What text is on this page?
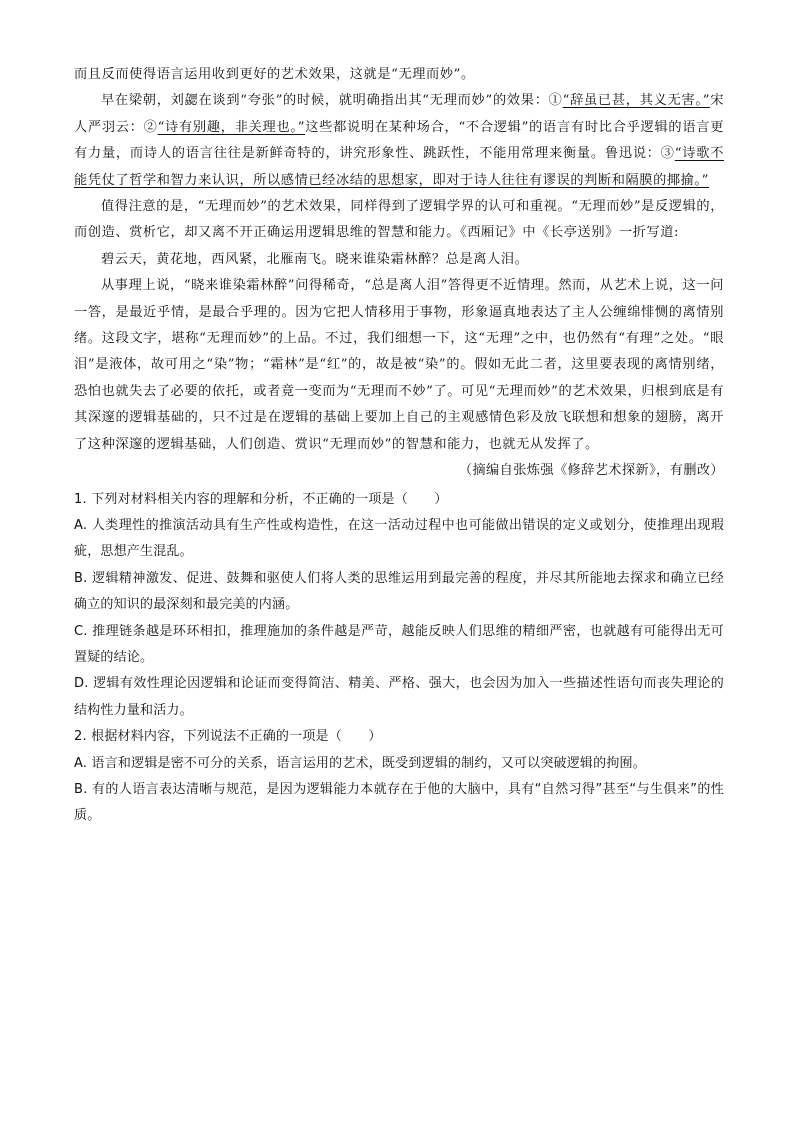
而且反而使得语言运用收到更好的艺术效果，这就是“无理而妙”。

早在梁朝，刘勰在谈到“夸张”的时候，就明确指出其“无理而妙”的效果：①“辞虽已甚，其义无害。”宋人严羽云：②“诗有别趣，非关理也。”这些都说明在某种场合，“不合逻辑”的语言有时比合乎逻辑的语言更有力量，而诗人的语言往往是新鲜奇特的，讲究形象性、跳跃性，不能用常理来衡量。鲁迅说：③“诗歌不能凭仗了哲学和智力来认识，所以感情已经冰结的思想家，即对于诗人往往有谬误的判断和隔膜的揶揄。”

值得注意的是，“无理而妙”的艺术效果，同样得到了逻辑学界的认可和重视。“无理而妙”是反逻辑的，而创造、赏析它，却又离不开正确运用逻辑思维的智慧和能力。《西厢记》中《长亭送别》一折写道:

碧云天，黄花地，西风紧，北雁南飞。晓来谁染霜林醉？总是离人泪。

从事理上说，“晓来谁染霜林醉”问得稀奇，“总是离人泪”答得更不近情理。然而，从艺术上说，这一问一答，是最近乎情，是最合乎理的。因为它把人情移用于事物，形象逼真地表达了主人公缠绵悱恻的离情别绪。这段文字，堪称“无理而妙”的上品。不过，我们细想一下，这“无理”之中，也仍然有“有理”之处。“眼泪”是液体，故可用之“染”物；“霜林”是“红”的，故是被“染”的。假如无此二者，这里要表现的离情别绪，恐怕也就失去了必要的依托，或者竟一变而为“无理而不妙”了。可见“无理而妙”的艺术效果，归根到底是有其深邃的逻辑基础的，只不过是在逻辑的基础上要加上自己的主观感情色彩及放飞联想和想象的翅膀，离开了这种深邃的逻辑基础，人们创造、赏识“无理而妙”的智慧和能力，也就无从发挥了。

（摘编自张炼强《修辞艺术探新》，有删改）

1. 下列对材料相关内容的理解和分析，不正确的一项是（　　）

A. 人类理性的推演活动具有生产性或构造性，在这一活动过程中也可能做出错误的定义或划分，使推理出现瑕疵，思想产生混乱。

B. 逻辑精神激发、促进、鼓舞和驱使人们将人类的思维运用到最完善的程度，并尽其所能地去探求和确立已经确立的知识的最深刻和最完美的内涵。

C. 推理链条越是环环相扣，推理施加的条件越是严苛，越能反映人们思维的精细严密，也就越有可能得出无可置疑的结论。

D. 逻辑有效性理论因逻辑和论证而变得简洁、精美、严格、强大，也会因为加入一些描述性语句而丧失理论的结构性力量和活力。

2. 根据材料内容，下列说法不正确的一项是（　　）

A. 语言和逻辑是密不可分的关系，语言运用的艺术，既受到逻辑的制约，又可以突破逻辑的拘囿。

B. 有的人语言表达清晰与规范，是因为逻辑能力本就存在于他的大脑中，具有“自然习得”甚至“与生俱来”的性质。
